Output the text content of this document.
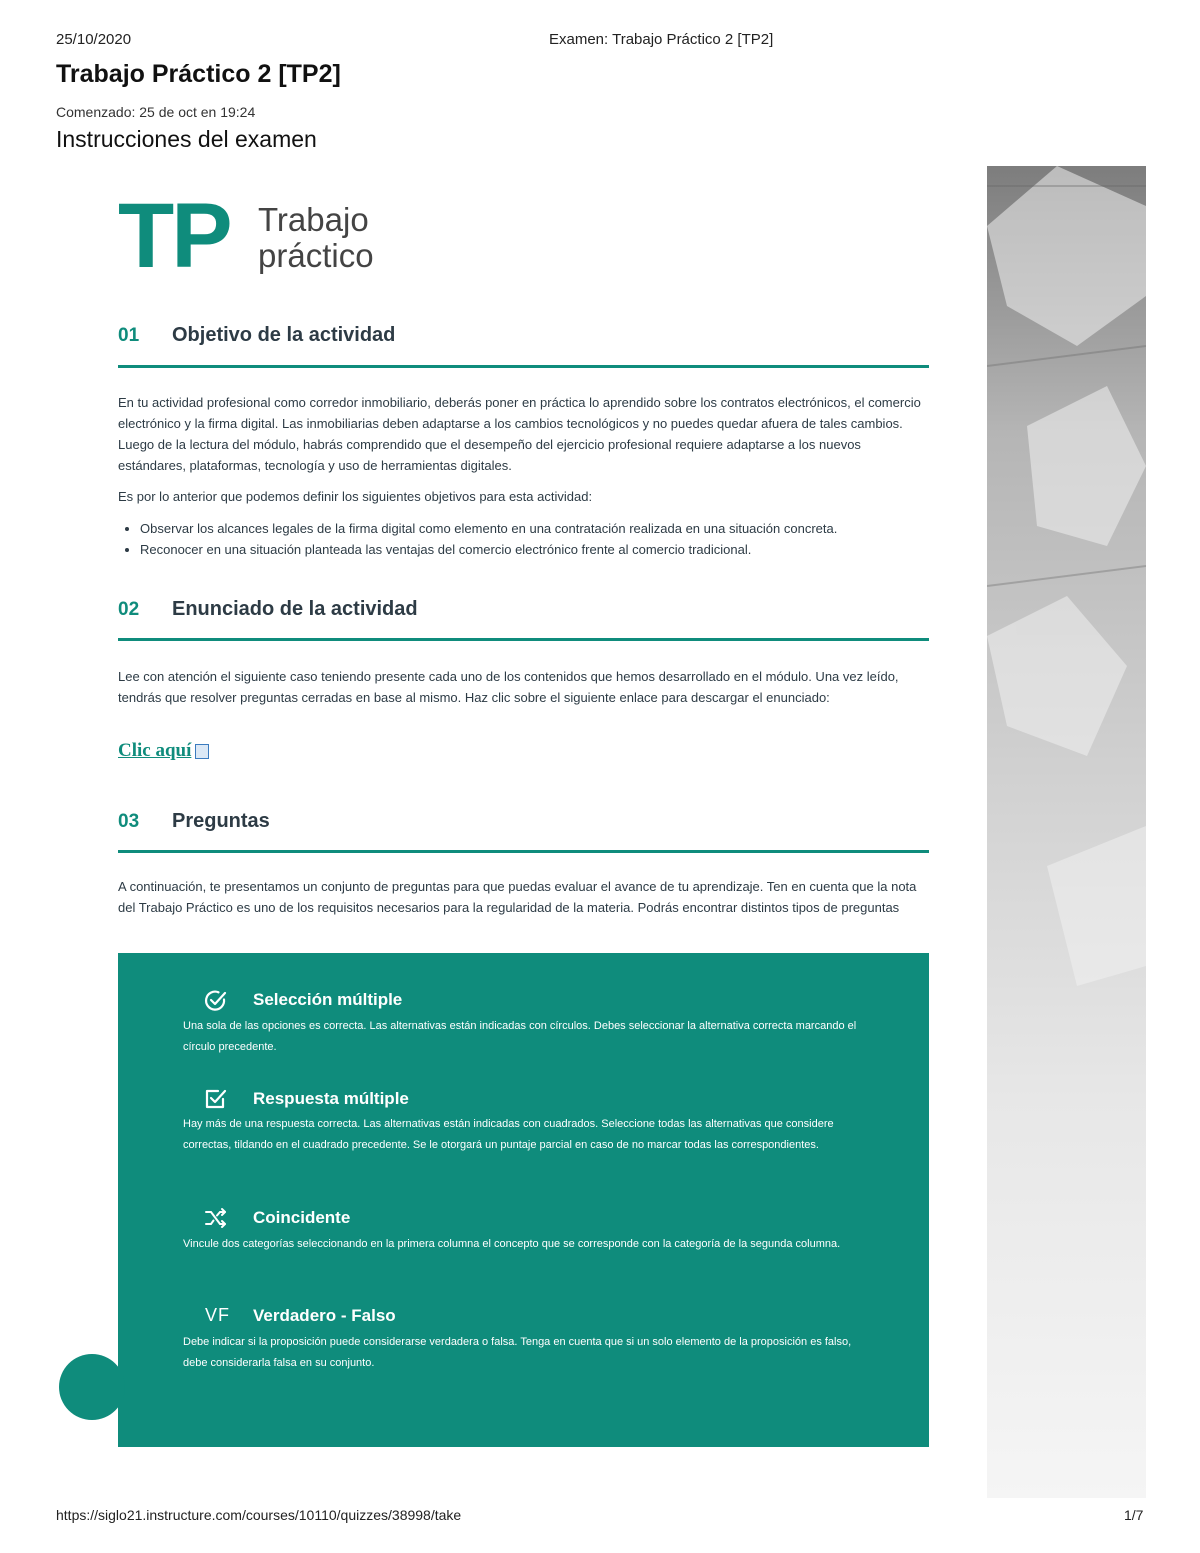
25/10/2020	Examen: Trabajo Práctico 2 [TP2]
Trabajo Práctico 2 [TP2]
Comenzado: 25 de oct en 19:24
Instrucciones del examen
TP Trabajo
práctico
01 Objetivo de la actividad
En tu actividad profesional como corredor inmobiliario, deberás poner en práctica lo aprendido sobre los contratos electrónicos, el comercio electrónico y la firma digital. Las inmobiliarias deben adaptarse a los cambios tecnológicos y no puedes quedar afuera de tales cambios. Luego de la lectura del módulo, habrás comprendido que el desempeño del ejercicio profesional requiere adaptarse a los nuevos estándares, plataformas, tecnología y uso de herramientas digitales.
Es por lo anterior que podemos definir los siguientes objetivos para esta actividad:
• Observar los alcances legales de la firma digital como elemento en una contratación realizada en una situación concreta.
• Reconocer en una situación planteada las ventajas del comercio electrónico frente al comercio tradicional.
02 Enunciado de la actividad
Lee con atención el siguiente caso teniendo presente cada uno de los contenidos que hemos desarrollado en el módulo. Una vez leído, tendrás que resolver preguntas cerradas en base al mismo. Haz clic sobre el siguiente enlace para descargar el enunciado:
Clic aquí
03 Preguntas
A continuación, te presentamos un conjunto de preguntas para que puedas evaluar el avance de tu aprendizaje. Ten en cuenta que la nota del Trabajo Práctico es uno de los requisitos necesarios para la regularidad de la materia. Podrás encontrar distintos tipos de preguntas
Selección múltiple
Una sola de las opciones es correcta. Las alternativas están indicadas con círculos. Debes seleccionar la alternativa correcta marcando el círculo precedente.
Respuesta múltiple
Hay más de una respuesta correcta. Las alternativas están indicadas con cuadrados. Seleccione todas las alternativas que considere correctas, tildando en el cuadrado precedente. Se le otorgará un puntaje parcial en caso de no marcar todas las correspondientes.
Coincidente
Vincule dos categorías seleccionando en la primera columna el concepto que se corresponde con la categoría de la segunda columna.
VF Verdadero - Falso
Debe indicar si la proposición puede considerarse verdadera o falsa. Tenga en cuenta que si un solo elemento de la proposición es falso, debe considerarla falsa en su conjunto.
https://siglo21.instructure.com/courses/10110/quizzes/38998/take	1/7
